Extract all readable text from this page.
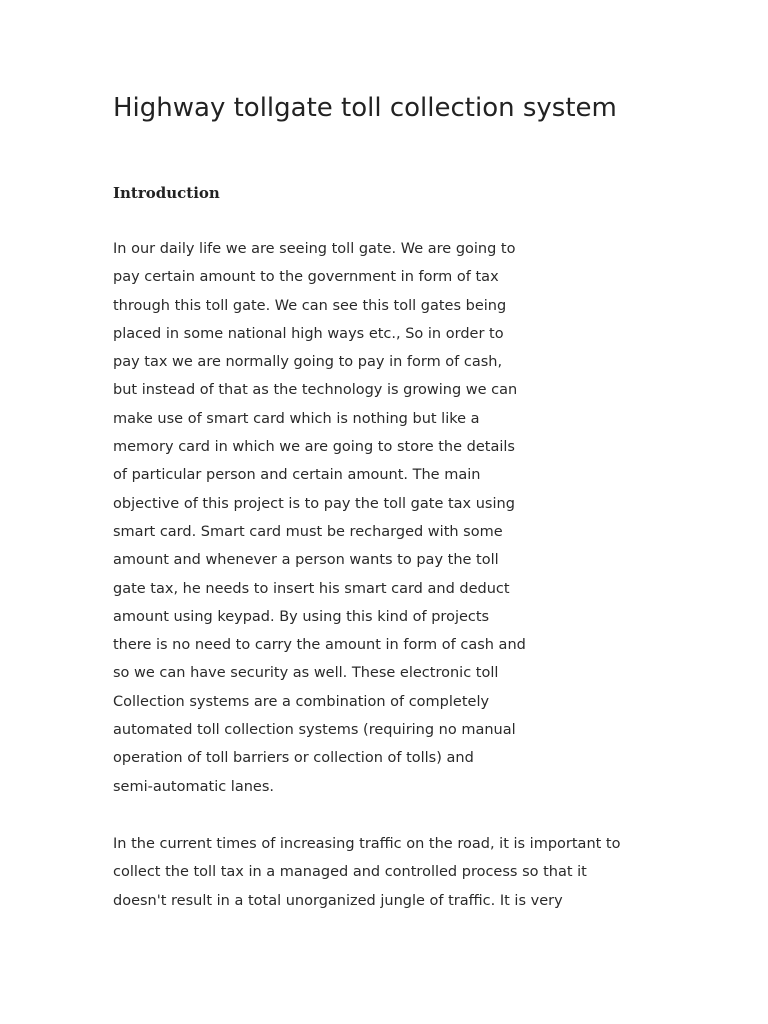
Highway tollgate toll collection system
Introduction
In our daily life we are seeing toll gate. We are going to
pay certain amount to the government in form of tax
through this toll gate. We can see this toll gates being
placed in some national high ways etc., So in order to
pay tax we are normally going to pay in form of cash,
but instead of that as the technology is growing we can
make use of smart card which is nothing but like a
memory card in which we are going to store the details
of particular person and certain amount. The main
objective of this project is to pay the toll gate tax using
smart card. Smart card must be recharged with some
amount and whenever a person wants to pay the toll
gate tax, he needs to insert his smart card and deduct
amount using keypad. By using this kind of projects
there is no need to carry the amount in form of cash and
so we can have security as well. These electronic toll
Collection systems are a combination of completely
automated toll collection systems (requiring no manual
operation of toll barriers or collection of tolls) and
semi-automatic lanes.
In the current times of increasing traffic on the road, it is important to
collect the toll tax in a managed and controlled process so that it
doesn't result in a total unorganized jungle of traffic. It is very
